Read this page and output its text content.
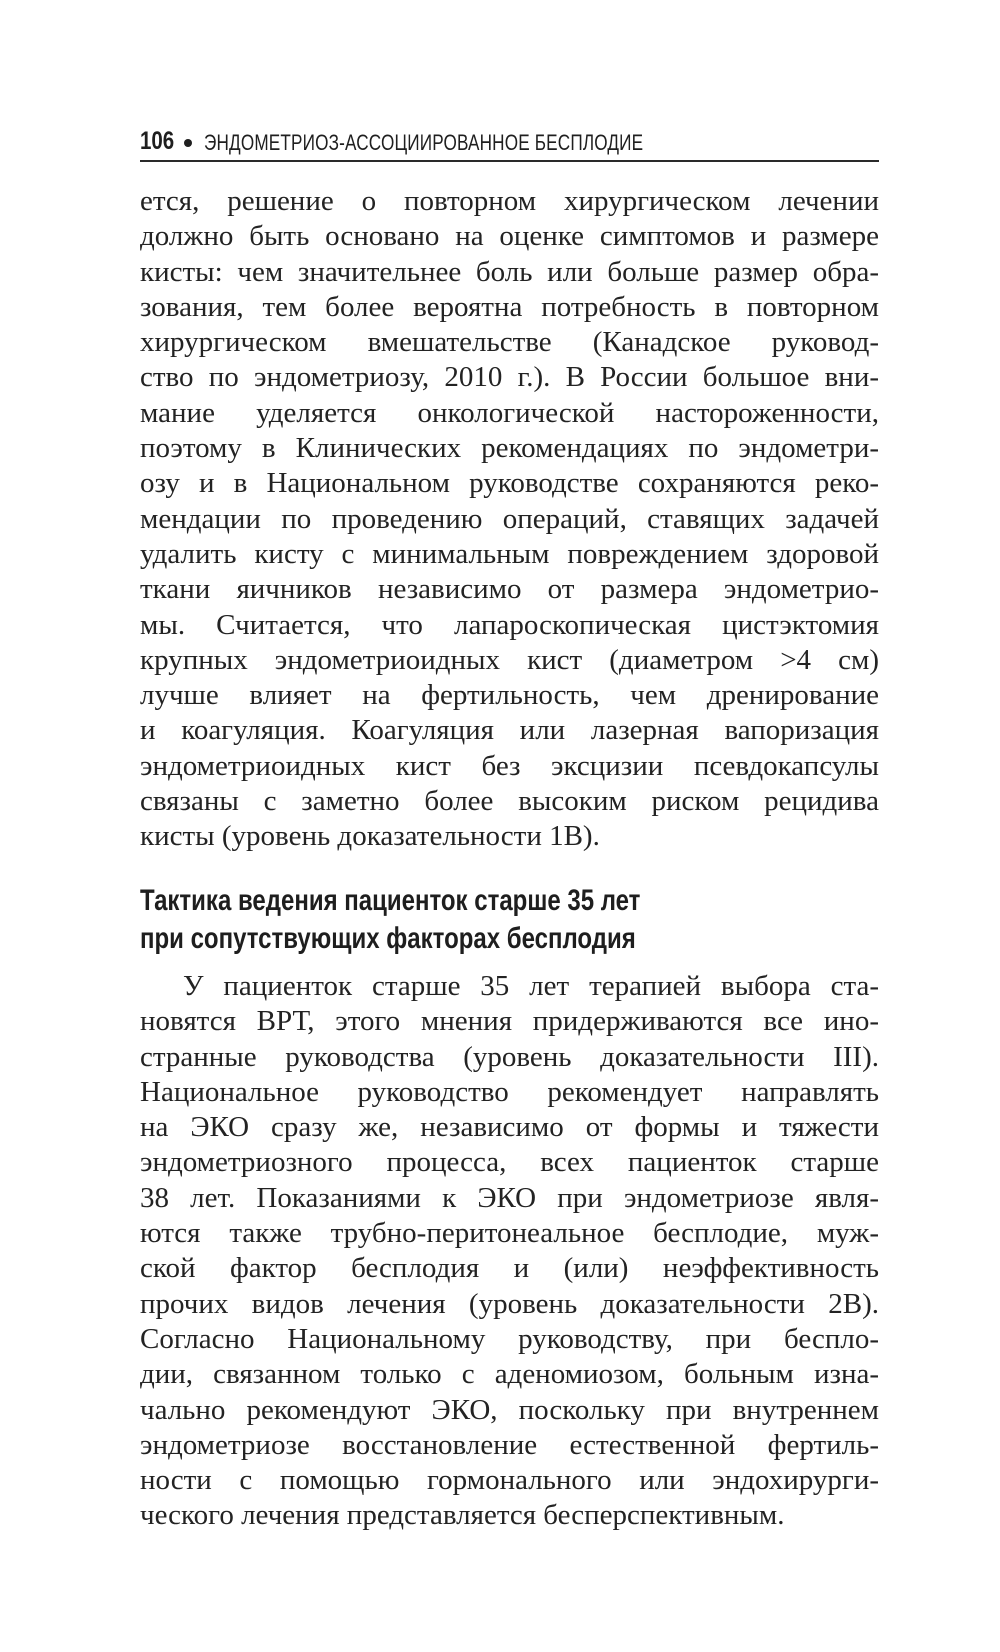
106 ЭНДОМЕТРИОЗ-АССОЦИИРОВАННОЕ БЕСПЛОДИЕ
ется, решение о повторном хирургическом лечении
должно быть основано на оценке симптомов и размере
кисты: чем значительнее боль или больше размер обра-
зования, тем более вероятна потребность в повторном
хирургическом вмешательстве (Канадское руковод-
ство по эндометриозу, 2010 г.). В России большое вни-
мание уделяется онкологической настороженности,
поэтому в Клинических рекомендациях по эндометри-
озу и в Национальном руководстве сохраняются реко-
мендации по проведению операций, ставящих задачей
удалить кисту с минимальным повреждением здоровой
ткани яичников независимо от размера эндометрио-
мы. Считается, что лапароскопическая цистэктомия
крупных эндометриоидных кист (диаметром >4 см)
лучше влияет на фертильность, чем дренирование
и коагуляция. Коагуляция или лазерная вапоризация
эндометриоидных кист без эксцизии псевдокапсулы
связаны с заметно более высоким риском рецидива
кисты (уровень доказательности 1В).
Тактика ведения пациенток старше 35 лет
при сопутствующих факторах бесплодия
У пациенток старше 35 лет терапией выбора ста-
новятся ВРТ, этого мнения придерживаются все ино-
странные руководства (уровень доказательности III).
Национальное руководство рекомендует направлять
на ЭКО сразу же, независимо от формы и тяжести
эндометриозного процесса, всех пациенток старше
38 лет. Показаниями к ЭКО при эндометриозе явля-
ются также трубно-перитонеальное бесплодие, муж-
ской фактор бесплодия и (или) неэффективность
прочих видов лечения (уровень доказательности 2В).
Согласно Национальному руководству, при беспло-
дии, связанном только с аденомиозом, больным изна-
чально рекомендуют ЭКО, поскольку при внутреннем
эндометриозе восстановление естественной фертиль-
ности с помощью гормонального или эндохирурги-
ческого лечения представляется бесперспективным.
